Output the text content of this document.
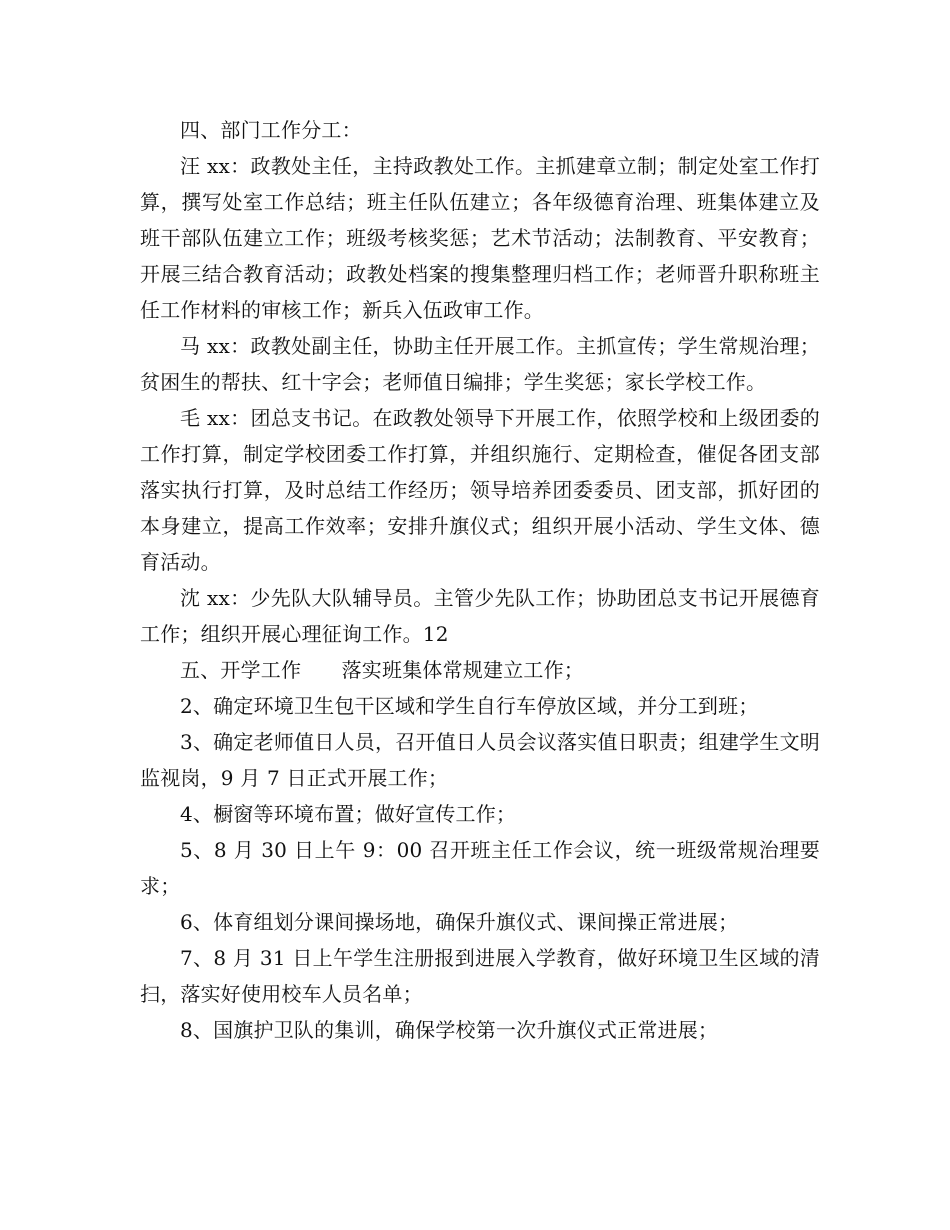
四、部门工作分工：

汪 xx：政教处主任，主持政教处工作。主抓建章立制；制定处室工作打算，撰写处室工作总结；班主任队伍建立；各年级德育治理、班集体建立及班干部队伍建立工作；班级考核奖惩；艺术节活动；法制教育、平安教育；开展三结合教育活动；政教处档案的搜集整理归档工作；老师晋升职称班主任工作材料的审核工作；新兵入伍政审工作。

马 xx：政教处副主任，协助主任开展工作。主抓宣传；学生常规治理；贫困生的帮扶、红十字会；老师值日编排；学生奖惩；家长学校工作。

毛 xx：团总支书记。在政教处领导下开展工作，依照学校和上级团委的工作打算，制定学校团委工作打算，并组织施行、定期检查，催促各团支部落实执行打算，及时总结工作经历；领导培养团委委员、团支部，抓好团的本身建立，提高工作效率；安排升旗仪式；组织开展小活动、学生文体、德育活动。

沈 xx：少先队大队辅导员。主管少先队工作；协助团总支书记开展德育工作；组织开展心理征询工作。12

五、开学工作　　落实班集体常规建立工作；

2、确定环境卫生包干区域和学生自行车停放区域，并分工到班；

3、确定老师值日人员，召开值日人员会议落实值日职责；组建学生文明监视岗，9 月 7 日正式开展工作；

4、橱窗等环境布置；做好宣传工作；

5、8 月 30 日上午 9：00 召开班主任工作会议，统一班级常规治理要求；

6、体育组划分课间操场地，确保升旗仪式、课间操正常进展；

7、8 月 31 日上午学生注册报到进展入学教育，做好环境卫生区域的清扫，落实好使用校车人员名单；

8、国旗护卫队的集训，确保学校第一次升旗仪式正常进展；
